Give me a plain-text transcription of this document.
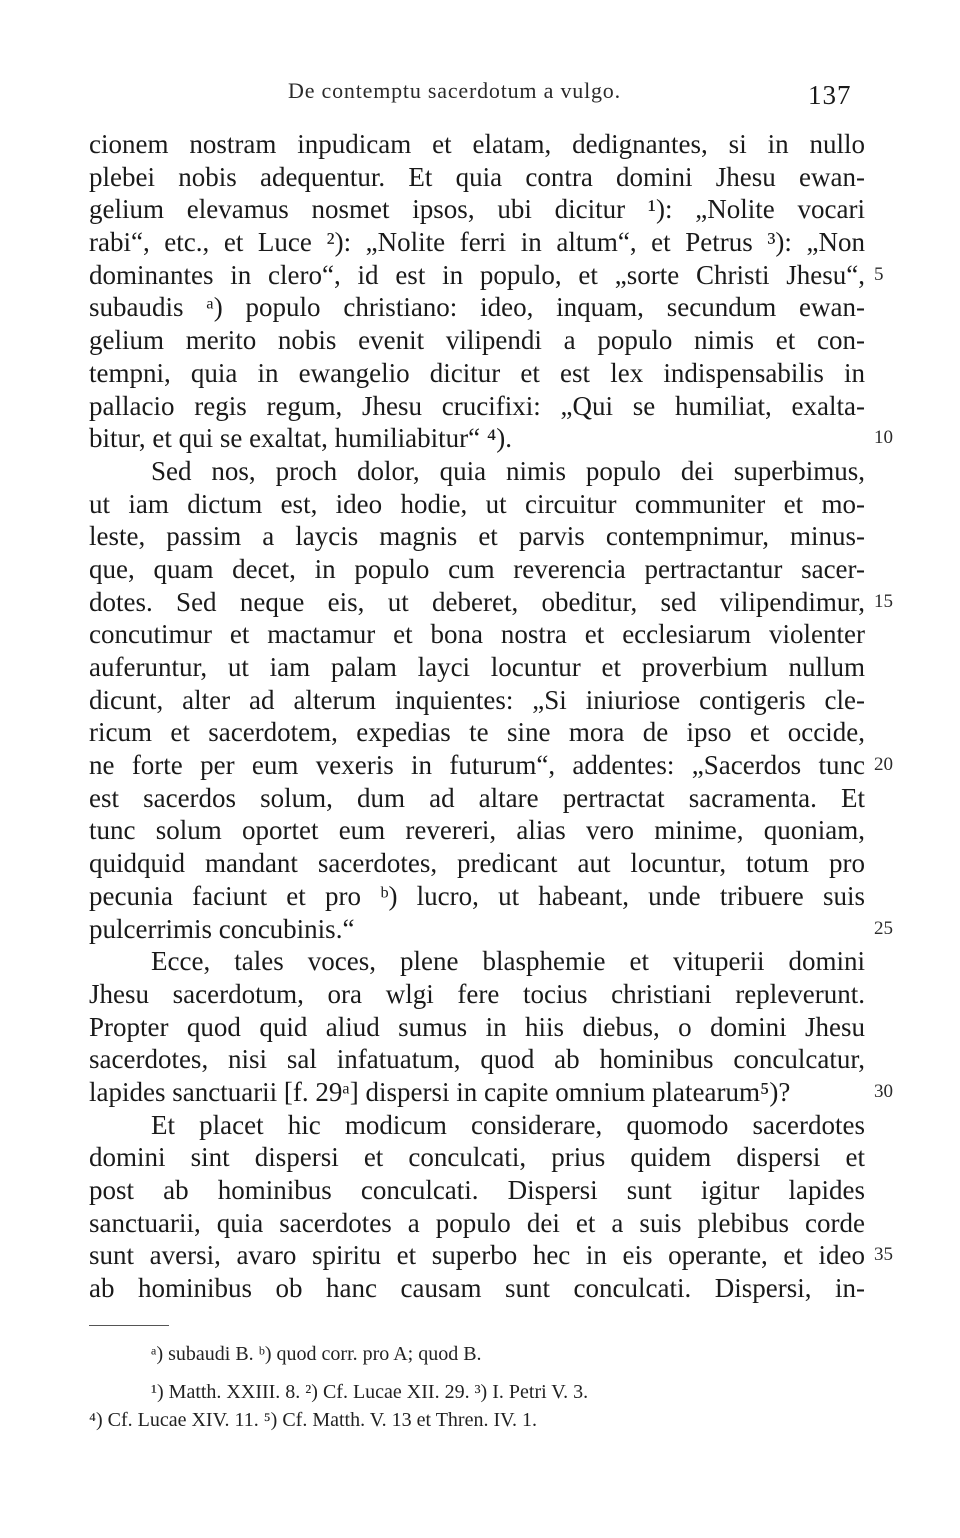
De contemptu sacerdotum a vulgo.	137
cionem nostram inpudicam et elatam, dedignantes, si in nullo
plebei nobis adequentur. Et quia contra domini Jhesu ewan-
gelium elevamus nosmet ipsos, ubi dicitur ¹): „Nolite vocari
rabi“, etc., et Luce ²): „Nolite ferri in altum“, et Petrus ³): „Non
dominantes in clero“, id est in populo, et „sorte Christi Jhesu“, 5
subaudis ᵃ) populo christiano: ideo, inquam, secundum ewan-
gelium merito nobis evenit vilipendi a populo nimis et con-
tempni, quia in ewangelio dicitur et est lex indispensabilis in
pallacio regis regum, Jhesu crucifixi: „Qui se humiliat, exalta-
bitur, et qui se exaltat, humiliabitur“ ⁴).	10
Sed nos, proch dolor, quia nimis populo dei superbimus,
ut iam dictum est, ideo hodie, ut circuitur communiter et mo-
leste, passim a laycis magnis et parvis contempnimur, minus-
que, quam decet, in populo cum reverencia pertractantur sacer-
dotes. Sed neque eis, ut deberet, obeditur, sed vilipendimur, 15
concutimur et mactamur et bona nostra et ecclesiarum violenter
auferuntur, ut iam palam layci locuntur et proverbium nullum
dicunt, alter ad alterum inquientes: „Si iniuriose contigeris cle-
ricum et sacerdotem, expedias te sine mora de ipso et occide,
ne forte per eum vexeris in futurum“, addentes: „Sacerdos tunc 20
est sacerdos solum, dum ad altare pertractat sacramenta. Et
tunc solum oportet eum revereri, alias vero minime, quoniam,
quidquid mandant sacerdotes, predicant aut locuntur, totum pro
pecunia faciunt et pro ᵇ) lucro, ut habeant, unde tribuere suis
pulcerrimis concubinis.“	25
Ecce, tales voces, plene blasphemie et vituperii domini
Jhesu sacerdotum, ora wlgi fere tocius christiani repleverunt.
Propter quod quid aliud sumus in hiis diebus, o domini Jhesu
sacerdotes, nisi sal infatuatum, quod ab hominibus conculcatur,
lapides sanctuarii [f. 29ᵃ] dispersi in capite omnium platearum⁵)?	30
Et placet hic modicum considerare, quomodo sacerdotes
domini sint dispersi et conculcati, prius quidem dispersi et
post ab hominibus conculcati. Dispersi sunt igitur lapides
sanctuarii, quia sacerdotes a populo dei et a suis plebibus corde
sunt aversi, avaro spiritu et superbo hec in eis operante, et ideo 35
ab hominibus ob hanc causam sunt conculcati. Dispersi, in-
ᵃ) subaudi B. ᵇ) quod corr. pro A; quod B.
¹) Matth. XXIII. 8. ²) Cf. Lucae XII. 29. ³) I. Petri V. 3.
⁴) Cf. Lucae XIV. 11. ⁵) Cf. Matth. V. 13 et Thren. IV. 1.
